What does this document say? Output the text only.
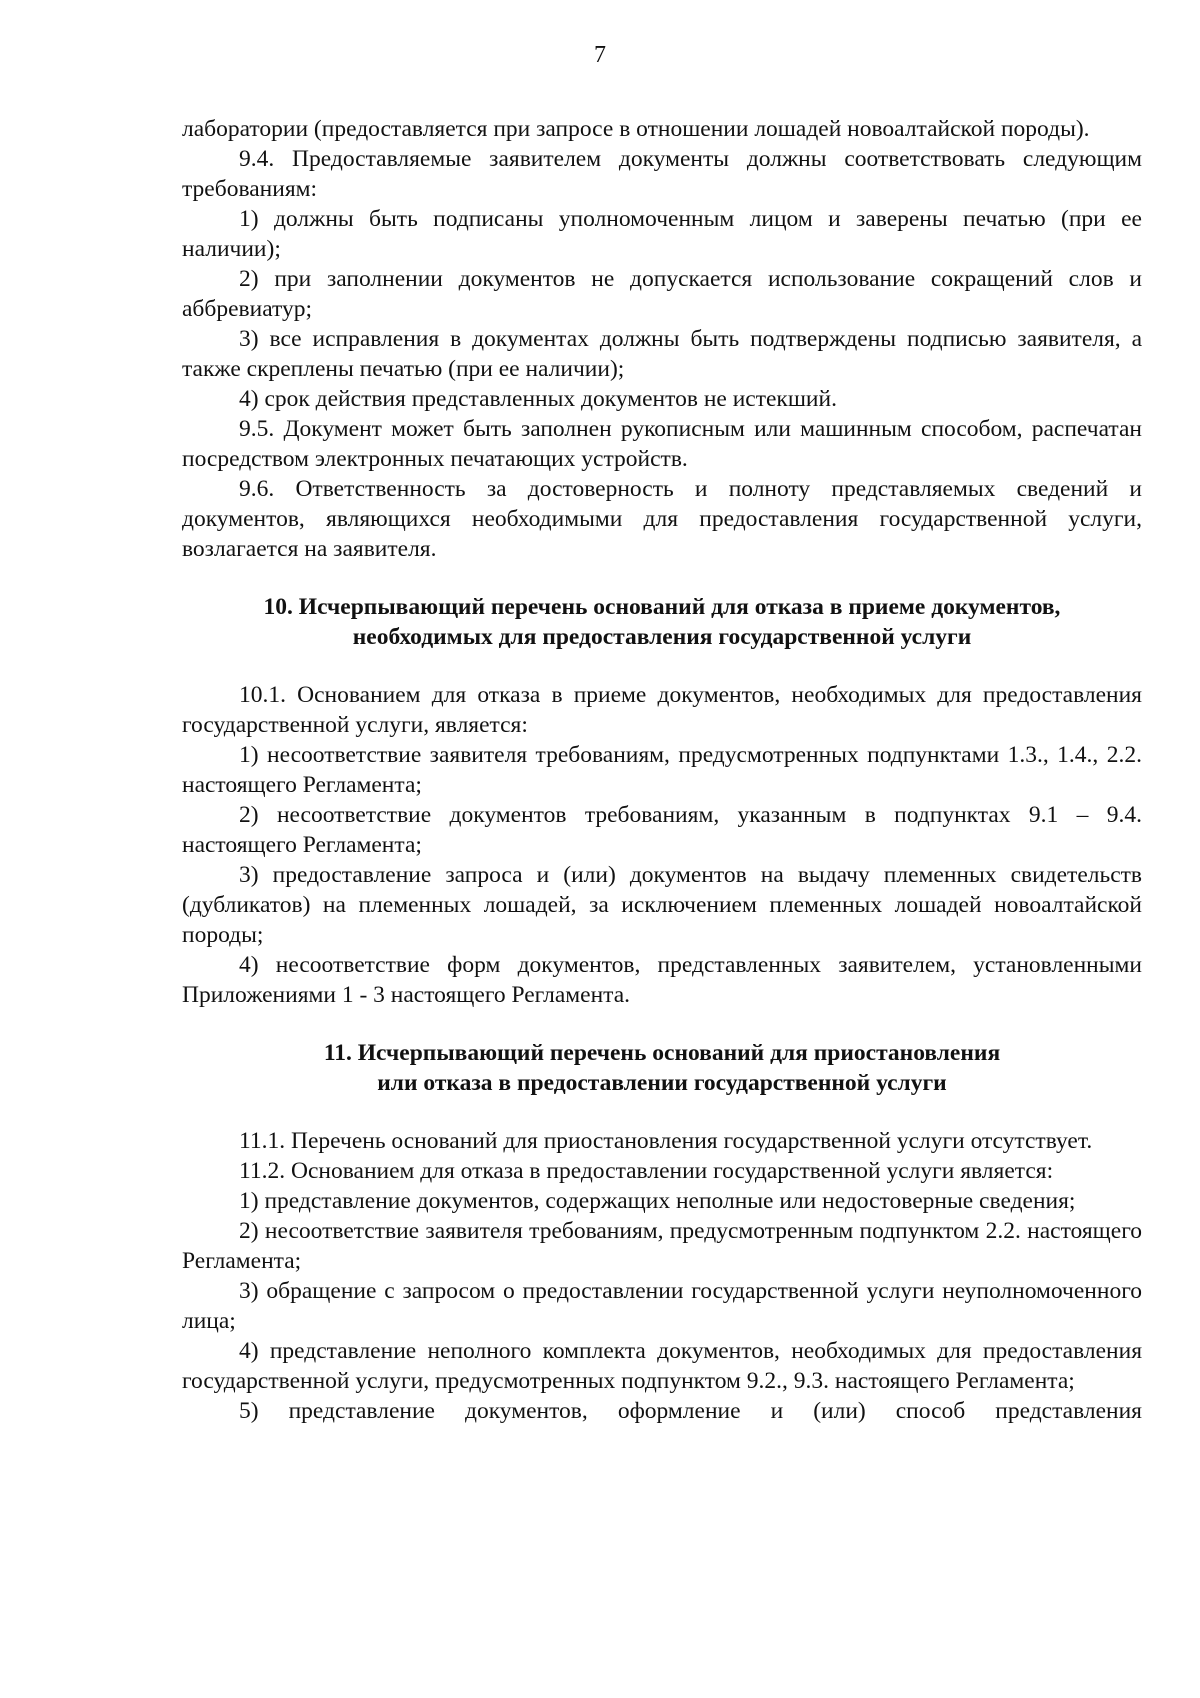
7

лаборатории (предоставляется при запросе в отношении лошадей новоалтайской породы).

9.4. Предоставляемые заявителем документы должны соответствовать следующим требованиям:

1) должны быть подписаны уполномоченным лицом и заверены печатью (при ее наличии);

2) при заполнении документов не допускается использование сокращений слов и аббревиатур;

3) все исправления в документах должны быть подтверждены подписью заявителя, а также скреплены печатью (при ее наличии);

4) срок действия представленных документов не истекший.

9.5. Документ может быть заполнен рукописным или машинным способом, распечатан посредством электронных печатающих устройств.

9.6. Ответственность за достоверность и полноту представляемых сведений и документов, являющихся необходимыми для предоставления государственной услуги, возлагается на заявителя.

10. Исчерпывающий перечень оснований для отказа в приеме документов,
необходимых для предоставления государственной услуги

10.1. Основанием для отказа в приеме документов, необходимых для предоставления государственной услуги, является:

1) несоответствие заявителя требованиям, предусмотренных подпунктами 1.3., 1.4., 2.2. настоящего Регламента;

2) несоответствие документов требованиям, указанным в подпунктах 9.1 – 9.4. настоящего Регламента;

3) предоставление запроса и (или) документов на выдачу племенных свидетельств (дубликатов) на племенных лошадей, за исключением племенных лошадей новоалтайской породы;

4) несоответствие форм документов, представленных заявителем, установленными Приложениями 1 - 3 настоящего Регламента.

11. Исчерпывающий перечень оснований для приостановления
или отказа в предоставлении государственной услуги

11.1. Перечень оснований для приостановления государственной услуги отсутствует.

11.2. Основанием для отказа в предоставлении государственной услуги является:

1) представление документов, содержащих неполные или недостоверные сведения;

2) несоответствие заявителя требованиям, предусмотренным подпунктом 2.2. настоящего Регламента;

3) обращение с запросом о предоставлении государственной услуги неуполномоченного лица;

4) представление неполного комплекта документов, необходимых для предоставления государственной услуги, предусмотренных подпунктом 9.2., 9.3. настоящего Регламента;

5) представление документов, оформление и (или) способ представления
